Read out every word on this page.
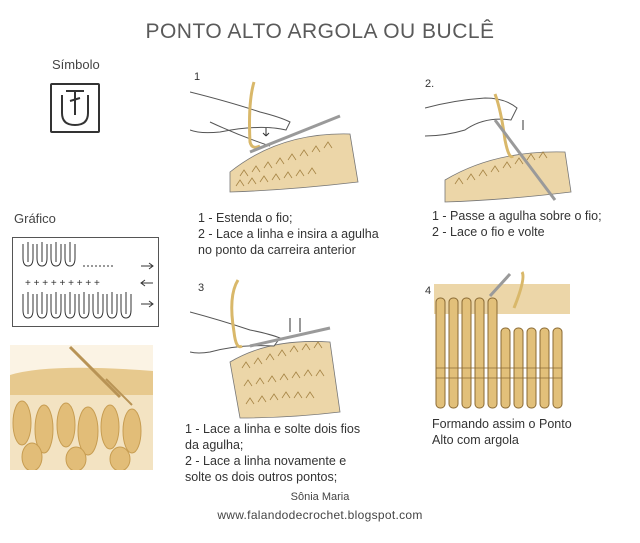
PONTO ALTO ARGOLA OU BUCLÊ
Símbolo
Gráfico
+ + + + + + + + +
1
1 - Estenda o fio;
2 - Lace a linha e insira a agulha
no ponto da carreira anterior
2.
1 - Passe a agulha sobre o fio;
2 - Lace o fio e volte
3
1 - Lace a linha e solte dois fios
da agulha;
2 - Lace a linha novamente e
solte os dois outros pontos;
4
Formando assim o Ponto
Alto com argola
Sônia Maria
www.falandodecrochet.blogspot.com
